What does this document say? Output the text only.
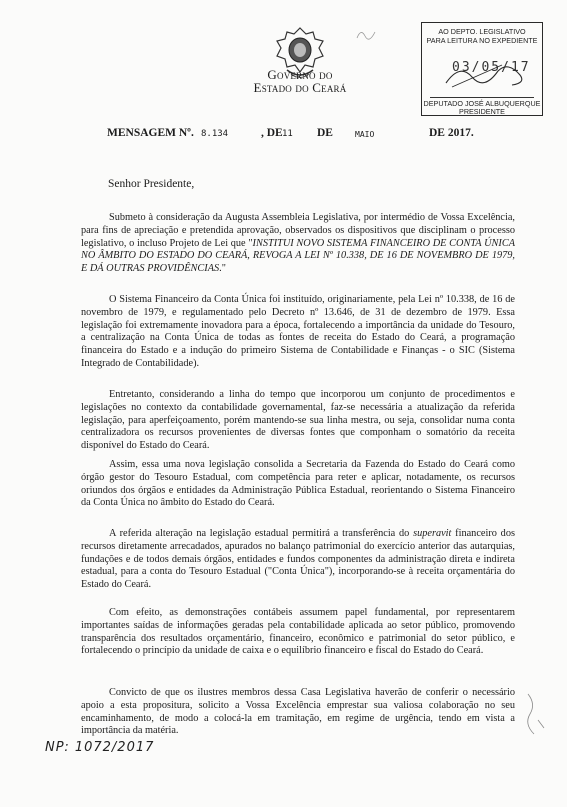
Governo do
Estado do Ceará
AO DEPTO. LEGISLATIVO
PARA LEITURA NO EXPEDIENTE
03/05/17
DEPUTADO JOSÉ ALBUQUERQUE
PRESIDENTE
MENSAGEM Nº. 8.134	, DE 11 DE	MAIO	DE 2017.
Senhor Presidente,

Submeto à consideração da Augusta Assembleia Legislativa, por intermédio de Vossa Excelência, para fins de apreciação e pretendida aprovação, observados os dispositivos que disciplinam o processo legislativo, o incluso Projeto de Lei que "INSTITUI NOVO SISTEMA FINANCEIRO DE CONTA ÚNICA NO ÂMBITO DO ESTADO DO CEARÁ, REVOGA A LEI Nº 10.338, DE 16 DE NOVEMBRO DE 1979, E DÁ OUTRAS PROVIDÊNCIAS."

O Sistema Financeiro da Conta Única foi instituído, originariamente, pela Lei nº 10.338, de 16 de novembro de 1979, e regulamentado pelo Decreto nº 13.646, de 31 de dezembro de 1979. Essa legislação foi extremamente inovadora para a época, fortalecendo a importância da unidade do Tesouro, a centralização na Conta Única de todas as fontes de receita do Estado do Ceará, a programação financeira do Estado e a indução do primeiro Sistema de Contabilidade e Finanças - o SIC (Sistema Integrado de Contabilidade).

Entretanto, considerando a linha do tempo que incorporou um conjunto de procedimentos e legislações no contexto da contabilidade governamental, faz-se necessária a atualização da referida legislação, para aperfeiçoamento, porém mantendo-se sua linha mestra, ou seja, consolidar numa conta centralizadora os recursos provenientes de diversas fontes que componham o somatório da receita disponível do Estado do Ceará.

Assim, essa uma nova legislação consolida a Secretaria da Fazenda do Estado do Ceará como órgão gestor do Tesouro Estadual, com competência para reter e aplicar, notadamente, os recursos oriundos dos órgãos e entidades da Administração Pública Estadual, reorientando o Sistema Financeiro da Conta Única no âmbito do Estado do Ceará.

A referida alteração na legislação estadual permitirá a transferência do superavit financeiro dos recursos diretamente arrecadados, apurados no balanço patrimonial do exercício anterior das autarquias, fundações e de todos demais órgãos, entidades e fundos componentes da administração direta e indireta estadual, para a conta do Tesouro Estadual ("Conta Única"), incorporando-se à receita orçamentária do Estado do Ceará.

Com efeito, as demonstrações contábeis assumem papel fundamental, por representarem importantes saídas de informações geradas pela contabilidade aplicada ao setor público, promovendo transparência dos resultados orçamentário, financeiro, econômico e patrimonial do setor público, e fortalecendo o princípio da unidade de caixa e o equilíbrio financeiro e fiscal do Estado do Ceará.

Convicto de que os ilustres membros dessa Casa Legislativa haverão de conferir o necessário apoio a esta propositura, solicito a Vossa Excelência emprestar sua valiosa colaboração no seu encaminhamento, de modo a colocá-la em tramitação, em regime de urgência, tendo em vista a importância da matéria.

NP: 1072/2017
